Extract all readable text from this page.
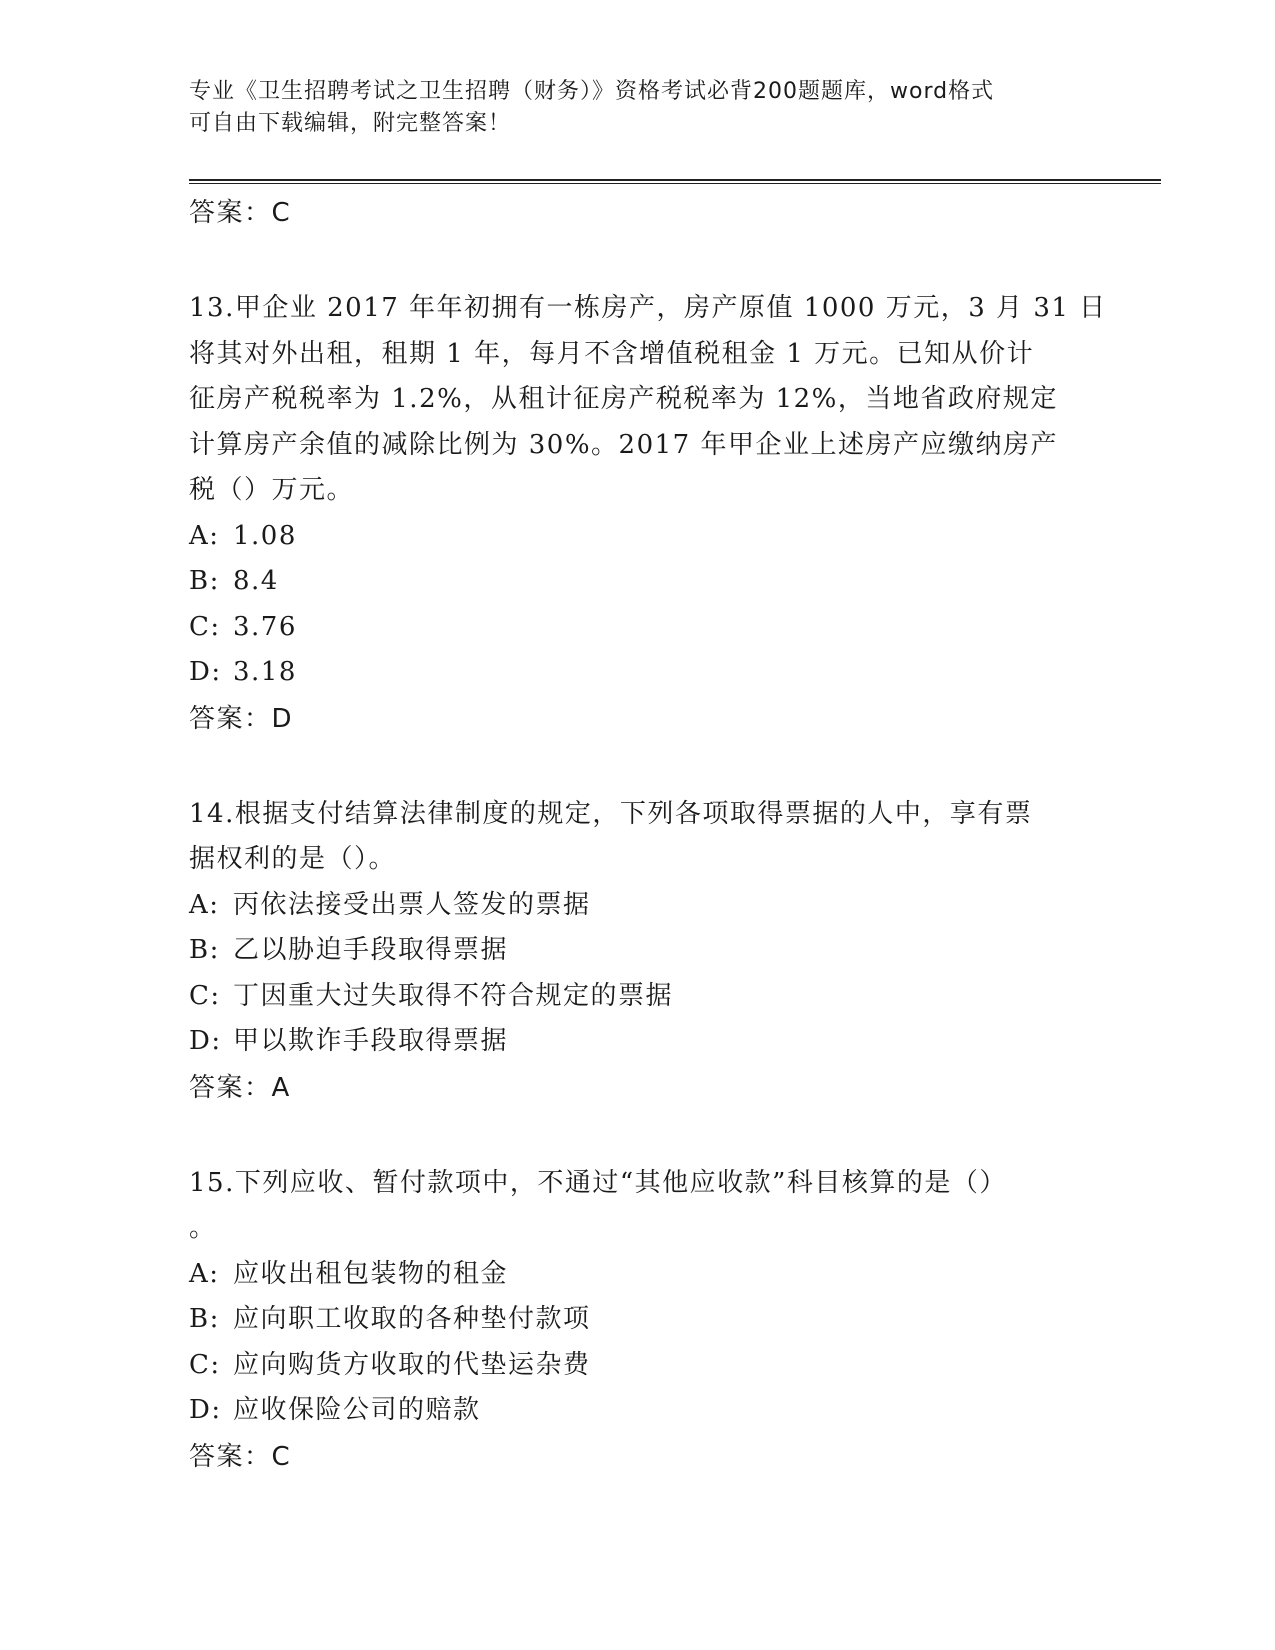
专业《卫生招聘考试之卫生招聘（财务）》资格考试必背200题题库，word格式
可自由下载编辑，附完整答案！
答案：C
13.甲企业 2017 年年初拥有一栋房产，房产原值 1000 万元，3 月 31 日
将其对外出租，租期 1 年，每月不含增值税租金 1 万元。已知从价计
征房产税税率为 1.2%，从租计征房产税税率为 12%，当地省政府规定
计算房产余值的减除比例为 30%。2017 年甲企业上述房产应缴纳房产
税（）万元。
A: 1.08
B: 8.4
C: 3.76
D: 3.18
答案：D
14.根据支付结算法律制度的规定，下列各项取得票据的人中，享有票
据权利的是（）。
A: 丙依法接受出票人签发的票据
B: 乙以胁迫手段取得票据
C: 丁因重大过失取得不符合规定的票据
D: 甲以欺诈手段取得票据
答案：A
15.下列应收、暂付款项中，不通过“其他应收款”科目核算的是（）
。
A: 应收出租包装物的租金
B: 应向职工收取的各种垫付款项
C: 应向购货方收取的代垫运杂费
D: 应收保险公司的赔款
答案：C
